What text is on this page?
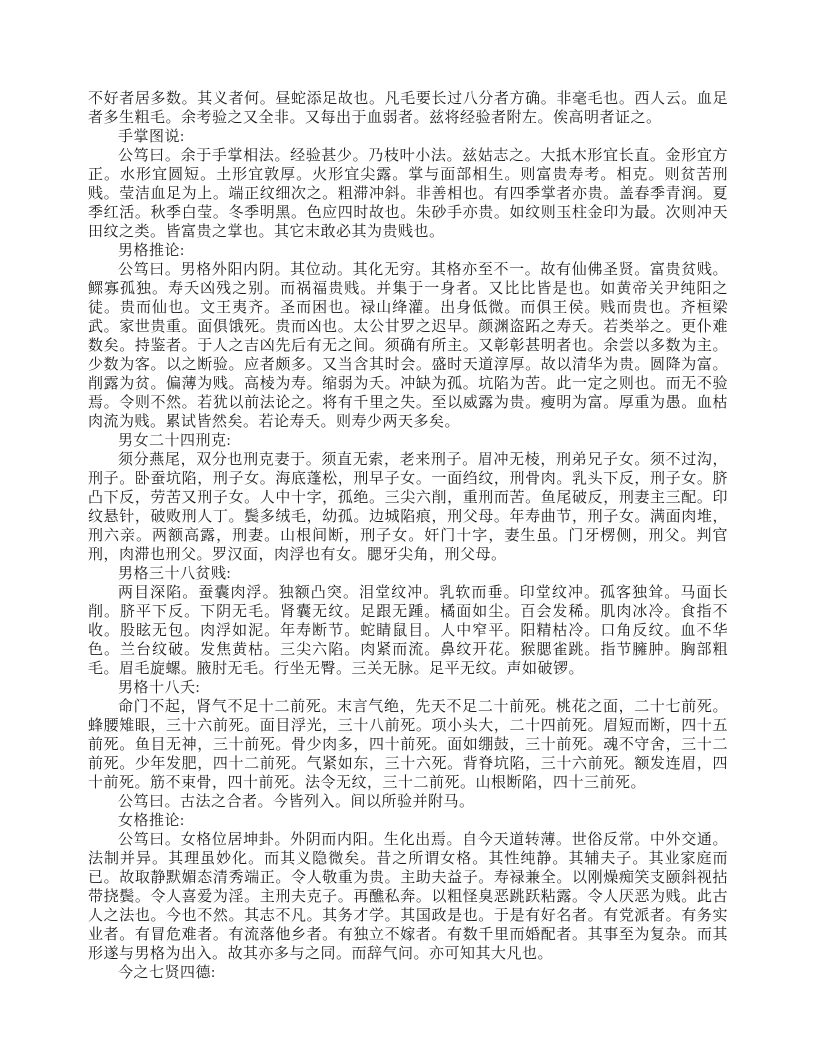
不好者居多数。其义者何。昼蛇添足故也。凡毛要长过八分者方确。非毫毛也。西人云。血足者多生粗毛。余考验之又全非。又每出于血弱者。兹将经验者附左。俟高明者证之。

手掌图说:

公笃曰。余于手掌相法。经验甚少。乃枝叶小法。兹姑志之。大抵木形宜长直。金形宜方正。水形宜圆短。土形宜敦厚。火形宜尖露。掌与面部相生。则富贵寿考。相克。则贫苦刑贱。莹洁血足为上。端正纹细次之。粗滞冲斜。非善相也。有四季掌者亦贵。盖春季青润。夏季红活。秋季白莹。冬季明黑。色应四时故也。朱砂手亦贵。如纹则玉柱金印为最。次则冲天田纹之类。皆富贵之掌也。其它末敢必其为贵贱也。

男格推论:

公笃曰。男格外阳内阴。其位动。其化无穷。其格亦至不一。故有仙佛圣贤。富贵贫贱。鳏寡孤独。寿夭凶残之别。而祸福贵贱。并集于一身者。又比比皆是也。如黄帝关尹纯阳之徒。贵而仙也。文王夷齐。圣而困也。禄山绛灌。出身低微。而俱王侯。贱而贵也。齐桓梁武。家世贵重。面俱饿死。贵而凶也。太公甘罗之迟早。颜渊盗跖之寿夭。若类举之。更仆难数矣。持鉴者。于人之吉凶先后有无之间。须确有所主。又彰彰甚明者也。余尝以多数为主。少数为客。以之断验。应者颇多。又当含其时会。盛时天道淳厚。故以清华为贵。圆降为富。削露为贫。偏薄为贱。高棱为寿。缩弱为夭。冲缺为孤。坑陷为苦。此一定之则也。而无不验焉。令则不然。若犹以前法论之。将有千里之失。至以威露为贵。瘦明为富。厚重为愚。血枯肉流为贱。累试皆然矣。若论寿夭。则寿少两天多矣。

男女二十四刑克:

须分燕尾，双分也刑克妻于。须直无索，老来刑子。眉冲无棱，刑弟兄子女。须不过沟，刑子。卧蚕坑陷，刑子女。海底蓬松，刑早子女。一面绉纹，刑骨肉。乳头下反，刑子女。脐凸下反，劳苦又刑子女。人中十字，孤绝。三尖六削，重刑而苦。鱼尾破反，刑妻主三配。印纹悬针，破败刑人丁。鬓多绒毛，幼孤。边城陷痕，刑父母。年寿曲节，刑子女。满面肉堆，刑六亲。两额高露，刑妻。山根间断，刑子女。奸门十字，妻生虽。门牙楞侧，刑父。判官刑，肉滞也刑父。罗汉面，肉浮也有女。腮牙尖角，刑父母。

男格三十八贫贱:

两目深陷。蚕囊肉浮。独额凸突。泪堂纹冲。乳软而垂。印堂纹冲。孤客独耸。马面长削。脐平下反。下阴无毛。肾囊无纹。足跟无踵。橘面如尘。百会发稀。肌肉冰冷。食指不收。股眩无包。肉浮如泥。年寿断节。蛇睛鼠目。人中窄平。阳精枯冷。口角反纹。血不华色。兰台纹破。发焦黄枯。三尖六陷。肉紧而流。鼻纹开花。猴腮雀跳。指节臃肿。胸部粗毛。眉毛旋螺。腋肘无毛。行坐无臀。三关无脉。足平无纹。声如破锣。

男格十八夭:

命门不起，肾气不足十二前死。末言气绝，先天不足二十前死。桃花之面，二十七前死。蜂腰雉眼，三十六前死。面目浮光，三十八前死。项小头大，二十四前死。眉短而断，四十五前死。鱼目无神，三十前死。骨少肉多，四十前死。面如绷鼓，三十前死。魂不守舍，三十二前死。少年发肥，四十二前死。气紧如东，三十六死。背脊坑陷，三十六前死。额发连眉，四十前死。筋不束骨，四十前死。法令无纹，三十二前死。山根断陷，四十三前死。

公笃曰。古法之合者。今皆列入。间以所验并附马。

女格推论:

公笃曰。女格位居坤卦。外阴而内阳。生化出焉。自今天道转薄。世俗反常。中外交通。法制并异。其理虽妙化。而其义隐微矣。昔之所谓女格。其性纯静。其辅夫子。其业家庭而已。故取静默媚态清秀端正。令人敬重为贵。主助夫益子。寿禄兼全。以刚燥痴笑支颐斜视拈带挠鬓。令人喜爱为淫。主刑夫克子。再醮私奔。以粗怪臭恶跳跃粘露。令人厌恶为贱。此古人之法也。今也不然。其志不凡。其务才学。其国政是也。于是有好名者。有党派者。有务实业者。有冒危难者。有流落他乡者。有独立不嫁者。有数千里而婚配者。其事至为复杂。而其形遂与男格为出入。故其亦多与之同。而辞气问。亦可知其大凡也。

今之七贤四德:
